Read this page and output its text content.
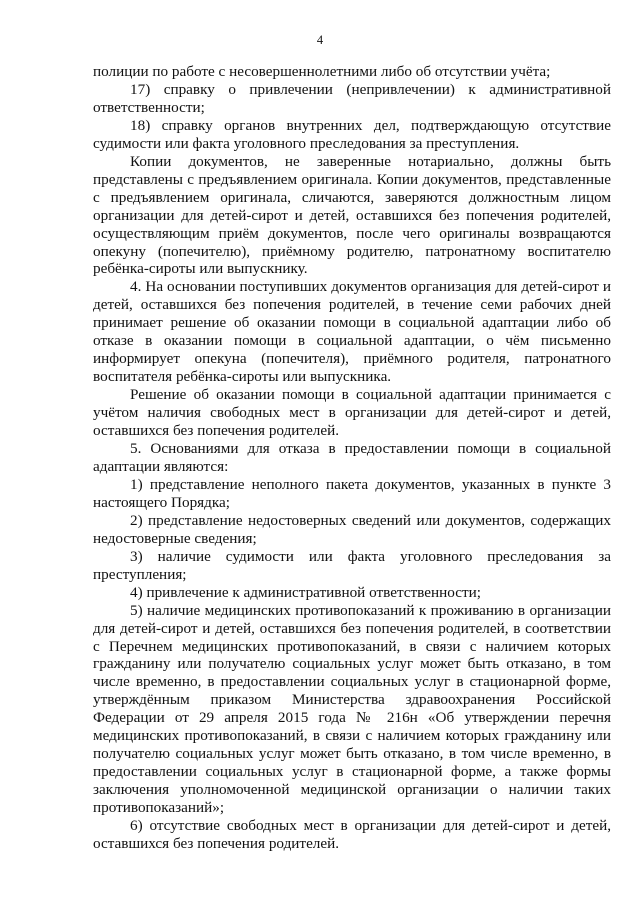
4

полиции по работе с несовершеннолетними либо об отсутствии учёта;

17) справку о привлечении (непривлечении) к административной ответственности;

18) справку органов внутренних дел, подтверждающую отсутствие судимости или факта уголовного преследования за преступления.

Копии документов, не заверенные нотариально, должны быть представлены с предъявлением оригинала. Копии документов, представленные с предъявлением оригинала, сличаются, заверяются должностным лицом организации для детей-сирот и детей, оставшихся без попечения родителей, осуществляющим приём документов, после чего оригиналы возвращаются опекуну (попечителю), приёмному родителю, патронатному воспитателю ребёнка-сироты или выпускнику.

4. На основании поступивших документов организация для детей-сирот и детей, оставшихся без попечения родителей, в течение семи рабочих дней принимает решение об оказании помощи в социальной адаптации либо об отказе в оказании помощи в социальной адаптации, о чём письменно информирует опекуна (попечителя), приёмного родителя, патронатного воспитателя ребёнка-сироты или выпускника.

Решение об оказании помощи в социальной адаптации принимается с учётом наличия свободных мест в организации для детей-сирот и детей, оставшихся без попечения родителей.

5. Основаниями для отказа в предоставлении помощи в социальной адаптации являются:

1) представление неполного пакета документов, указанных в пункте 3 настоящего Порядка;

2) представление недостоверных сведений или документов, содержащих недостоверные сведения;

3) наличие судимости или факта уголовного преследования за преступления;

4) привлечение к административной ответственности;

5) наличие медицинских противопоказаний к проживанию в организации для детей-сирот и детей, оставшихся без попечения родителей, в соответствии с Перечнем медицинских противопоказаний, в связи с наличием которых гражданину или получателю социальных услуг может быть отказано, в том числе временно, в предоставлении социальных услуг в стационарной форме, утверждённым приказом Министерства здравоохранения Российской Федерации от 29 апреля 2015 года № 216н «Об утверждении перечня медицинских противопоказаний, в связи с наличием которых гражданину или получателю социальных услуг может быть отказано, в том числе временно, в предоставлении социальных услуг в стационарной форме, а также формы заключения уполномоченной медицинской организации о наличии таких противопоказаний»;

6) отсутствие свободных мест в организации для детей-сирот и детей, оставшихся без попечения родителей.
